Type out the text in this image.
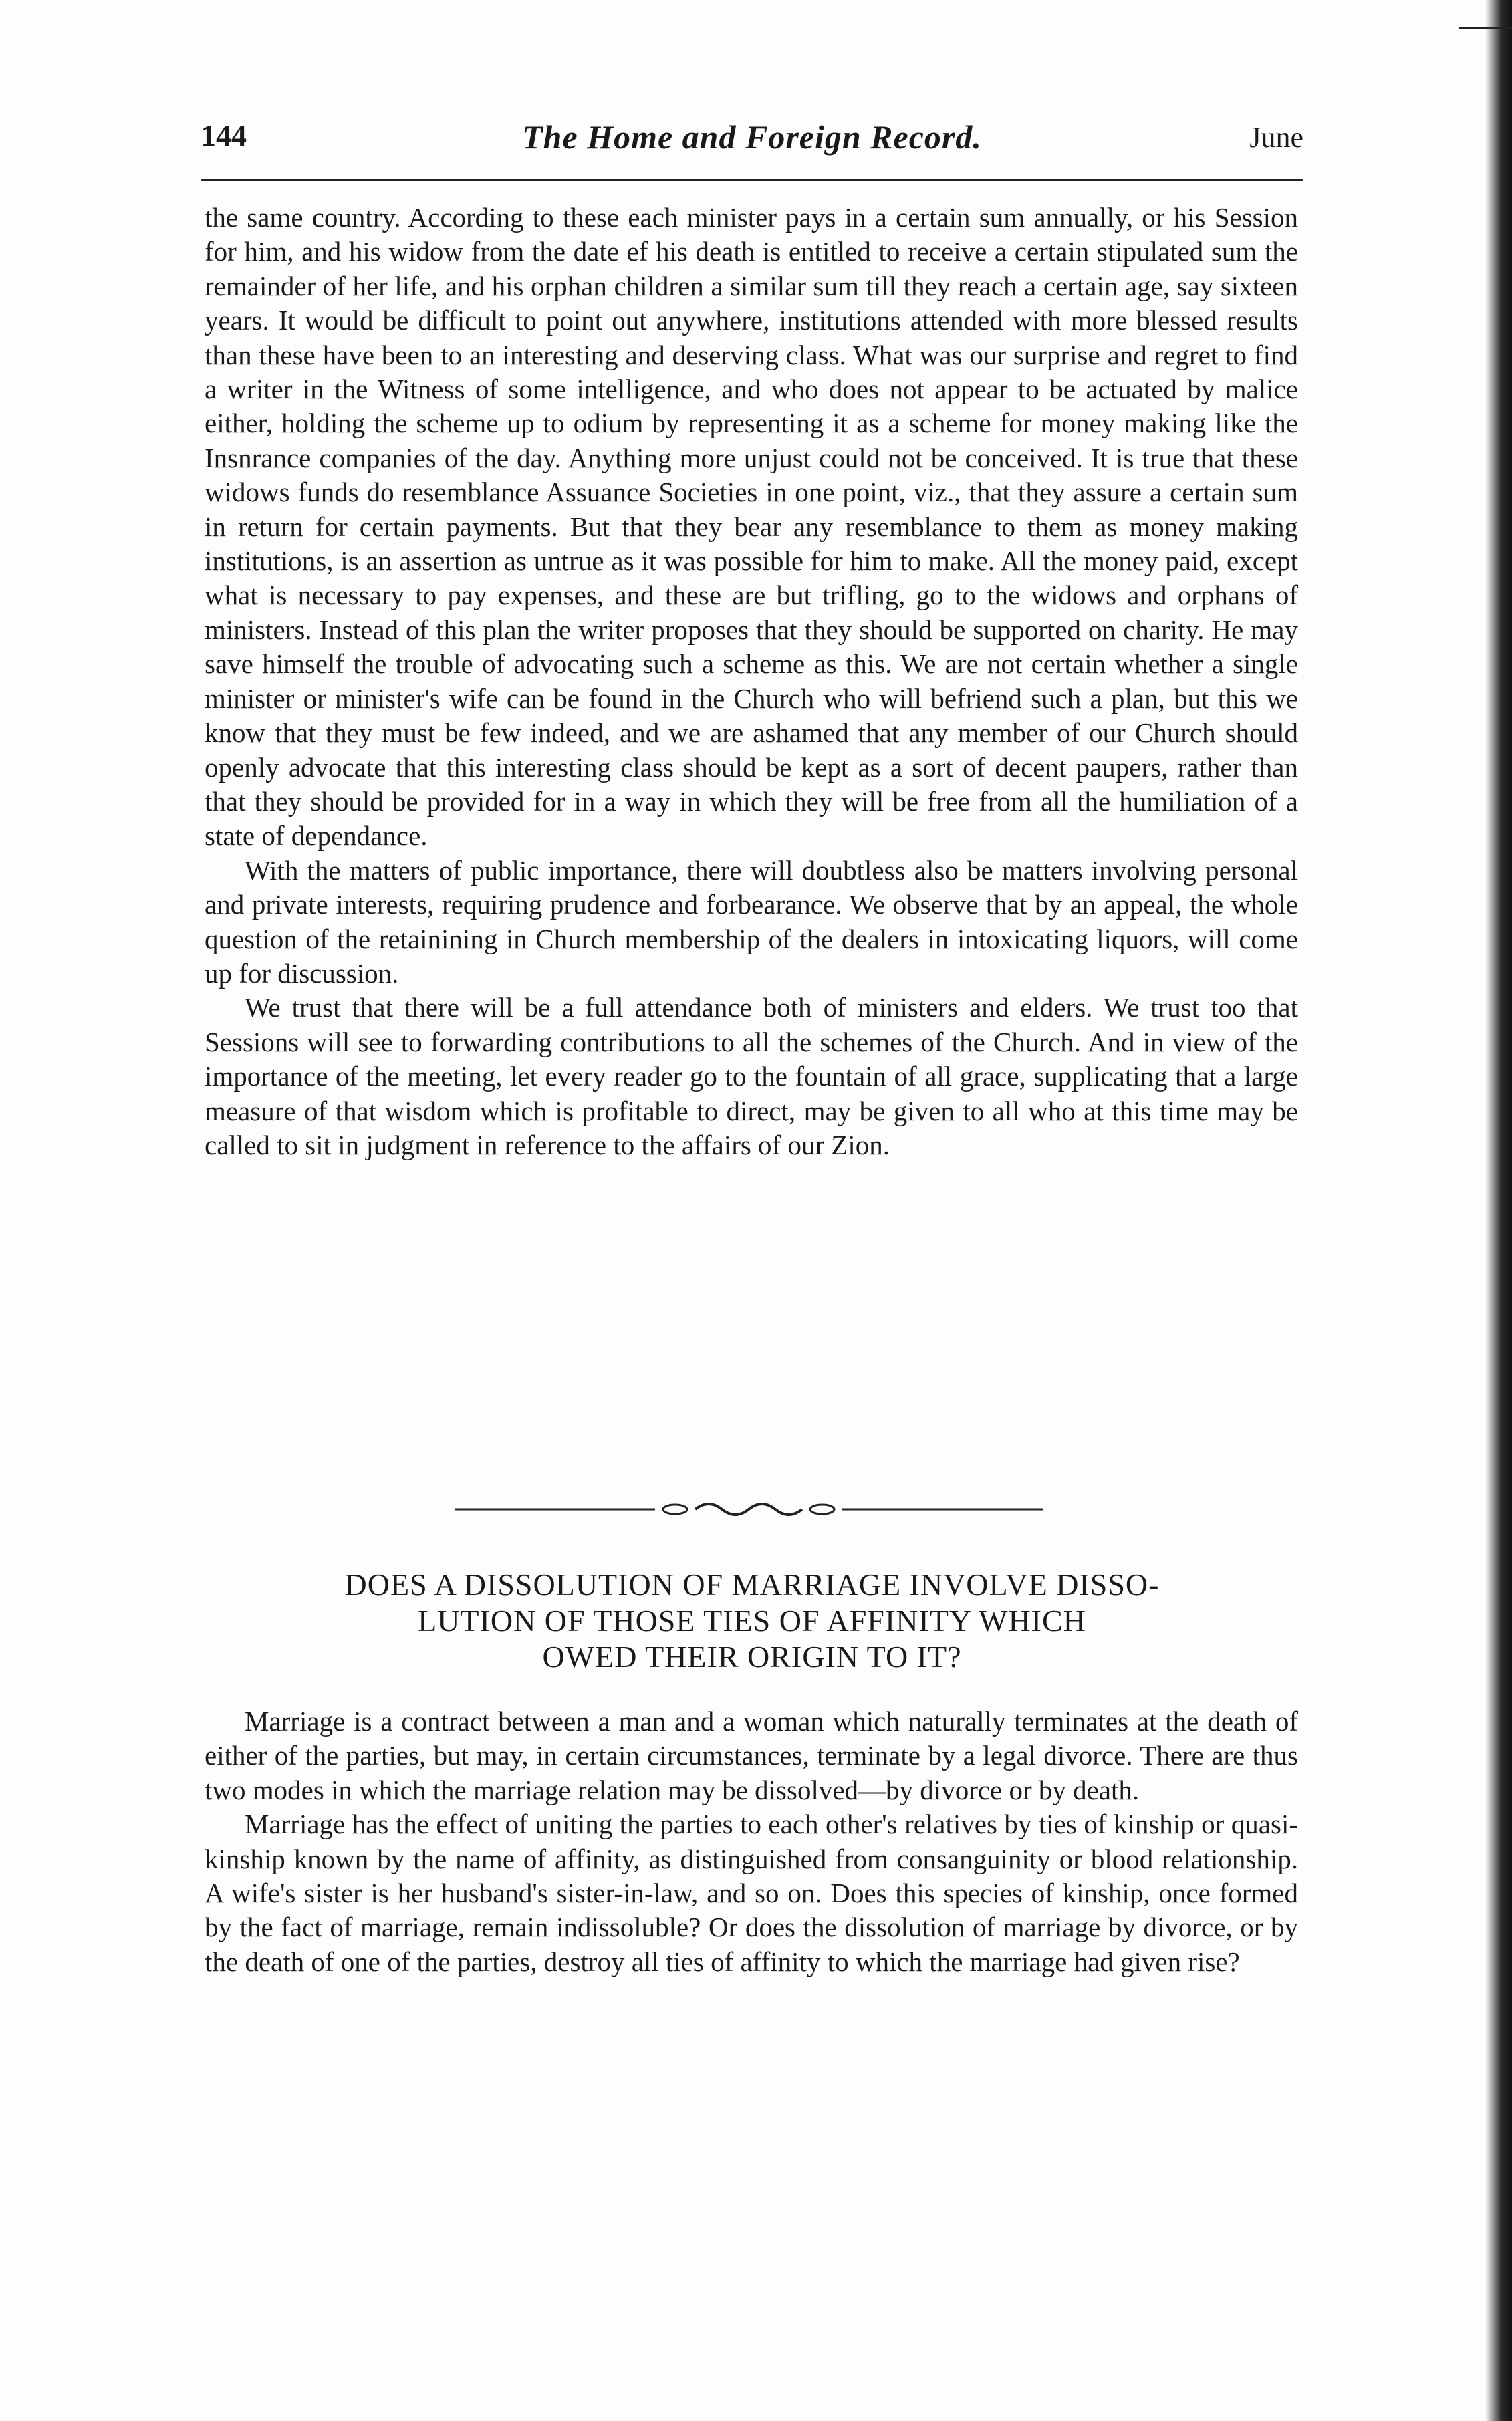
144	The Home and Foreign Record.	June

the same country. According to these each minister pays in a certain sum annually, or his Session for him, and his widow from the date ef his death is entitled to receive a certain stipulated sum the remainder of her life, and his orphan children a similar sum till they reach a certain age, say sixteen years. It would be difficult to point out anywhere, institutions attended with more blessed results than these have been to an interesting and deserving class. What was our surprise and regret to find a writer in the Witness of some intelligence, and who does not appear to be actuated by malice either, holding the scheme up to odium by representing it as a scheme for money making like the Insnrance companies of the day. Anything more unjust could not be conceived. It is true that these widows funds do resemblance Assuance Societies in one point, viz., that they assure a certain sum in return for certain payments. But that they bear any resemblance to them as money making institutions, is an assertion as untrue as it was possible for him to make. All the money paid, except what is necessary to pay expenses, and these are but trifling, go to the widows and orphans of ministers. Instead of this plan the writer proposes that they should be supported on charity. He may save himself the trouble of advocating such a scheme as this. We are not certain whether a single minister or minister's wife can be found in the Church who will befriend such a plan, but this we know that they must be few indeed, and we are ashamed that any member of our Church should openly advocate that this interesting class should be kept as a sort of decent paupers, rather than that they should be provided for in a way in which they will be free from all the humiliation of a state of dependance.

With the matters of public importance, there will doubtless also be matters involving personal and private interests, requiring prudence and forbearance. We observe that by an appeal, the whole question of the retainining in Church membership of the dealers in intoxicating liquors, will come up for discussion.

We trust that there will be a full attendance both of ministers and elders. We trust too that Sessions will see to forwarding contributions to all the schemes of the Church. And in view of the importance of the meeting, let every reader go to the fountain of all grace, supplicating that a large measure of that wisdom which is profitable to direct, may be given to all who at this time may be called to sit in judgment in reference to the affairs of our Zion.

DOES A DISSOLUTION OF MARRIAGE INVOLVE DISSO-
LUTION OF THOSE TIES OF AFFINITY WHICH
OWED THEIR ORIGIN TO IT?

Marriage is a contract between a man and a woman which naturally terminates at the death of either of the parties, but may, in certain circumstances, terminate by a legal divorce. There are thus two modes in which the marriage relation may be dissolved—by divorce or by death.

Marriage has the effect of uniting the parties to each other's relatives by ties of kinship or quasi-kinship known by the name of affinity, as distinguished from consanguinity or blood relationship. A wife's sister is her husband's sister-in-law, and so on. Does this species of kinship, once formed by the fact of marriage, remain indissoluble? Or does the dissolution of marriage by divorce, or by the death of one of the parties, destroy all ties of affinity to which the marriage had given rise?
